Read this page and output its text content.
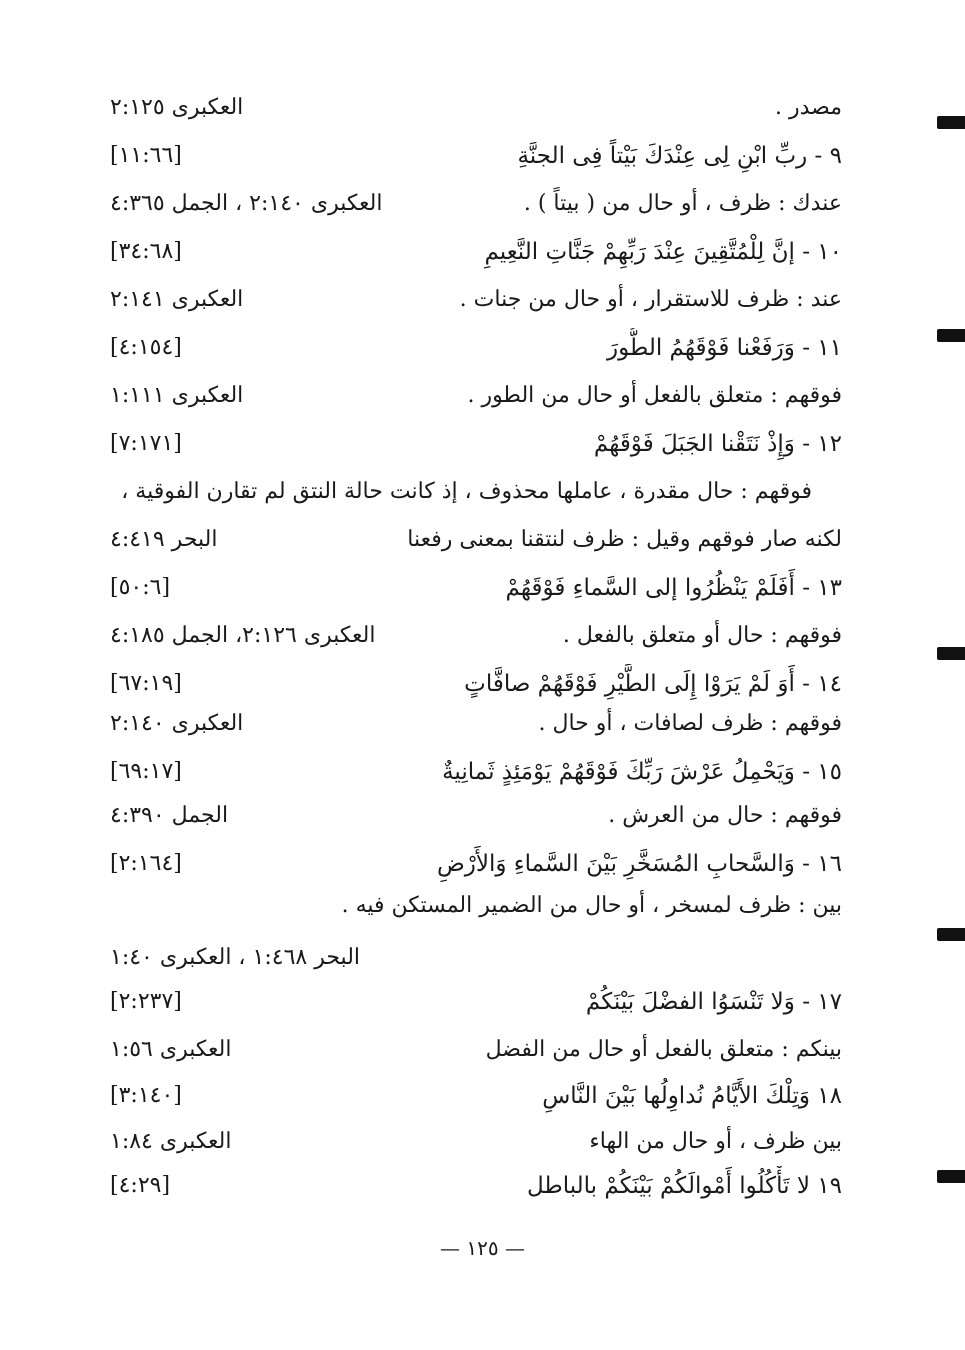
مصدر .
العكبرى ٢:١٢٥
٩ - ربِّ ابْنِ لِى عِنْدَكَ بَيْتاً فِى الجنَّةِ
[١١:٦٦]
عندك : ظرف ، أو حال من ( بيتاً ) .
العكبرى ٢:١٤٠ ، الجمل ٤:٣٦٥
١٠ - إنَّ لِلْمُتَّقِينَ عِنْدَ رَبِّهِمْ جَنَّاتِ النَّعِيمِ
[٣٤:٦٨]
عند : ظرف للاستقرار ، أو حال من جنات .
العكبرى ٢:١٤١
١١ - وَرَفَعْنا فَوْقَهُمُ الطُّورَ
[٤:١٥٤]
فوقهم : متعلق بالفعل أو حال من الطور .
العكبرى ١:١١١
١٢ - وَإِذْ نَتَقْنا الجَبَلَ فَوْقَهُمْ
[٧:١٧١]
فوقهم : حال مقدرة ، عاملها محذوف ، إذ كانت حالة النتق لم تقارن الفوقية ،
لكنه صار فوقهم وقيل : ظرف لنتقنا بمعنى رفعنا
البحر ٤:٤١٩
١٣ - أَفَلَمْ يَنْظُرُوا إلى السَّماءِ فَوْقَهُمْ
[٥٠:٦]
فوقهم : حال أو متعلق بالفعل .
العكبرى ٢:١٢٦، الجمل ٤:١٨٥
١٤ - أَوَ لَمْ يَرَوْا إِلَى الطَّيْرِ فَوْقَهُمْ صافَّاتٍ
[٦٧:١٩]
فوقهم : ظرف لصافات ، أو حال .
العكبرى ٢:١٤٠
١٥ - وَيَحْمِلُ عَرْشَ رَبِّكَ فَوْقَهُمْ يَوْمَئِذٍ ثَمانِيةٌ
[٦٩:١٧]
فوقهم : حال من العرش .
الجمل ٤:٣٩٠
١٦ - وَالسَّحابِ المُسَخَّرِ بَيْنَ السَّماءِ وَالأَرْضِ
[٢:١٦٤]
بين : ظرف لمسخر ، أو حال من الضمير المستكن فيه .
البحر ١:٤٦٨ ، العكبرى ١:٤٠
١٧ - وَلا تَنْسَوُا الفضْلَ بَيْنَكُمْ
[٢:٢٣٧]
بينكم : متعلق بالفعل أو حال من الفضل
العكبرى ١:٥٦
١٨ وَتِلْكَ الأَيَّامُ نُداوِلُها بَيْنَ النَّاسِ
[٣:١٤٠]
بين ظرف ، أو حال من الهاء
العكبرى ١:٨٤
١٩ لا تَأْكُلُوا أَمْوالَكُمْ بَيْنَكُمْ بالباطل
[٤:٢٩]
— ١٢٥ —
